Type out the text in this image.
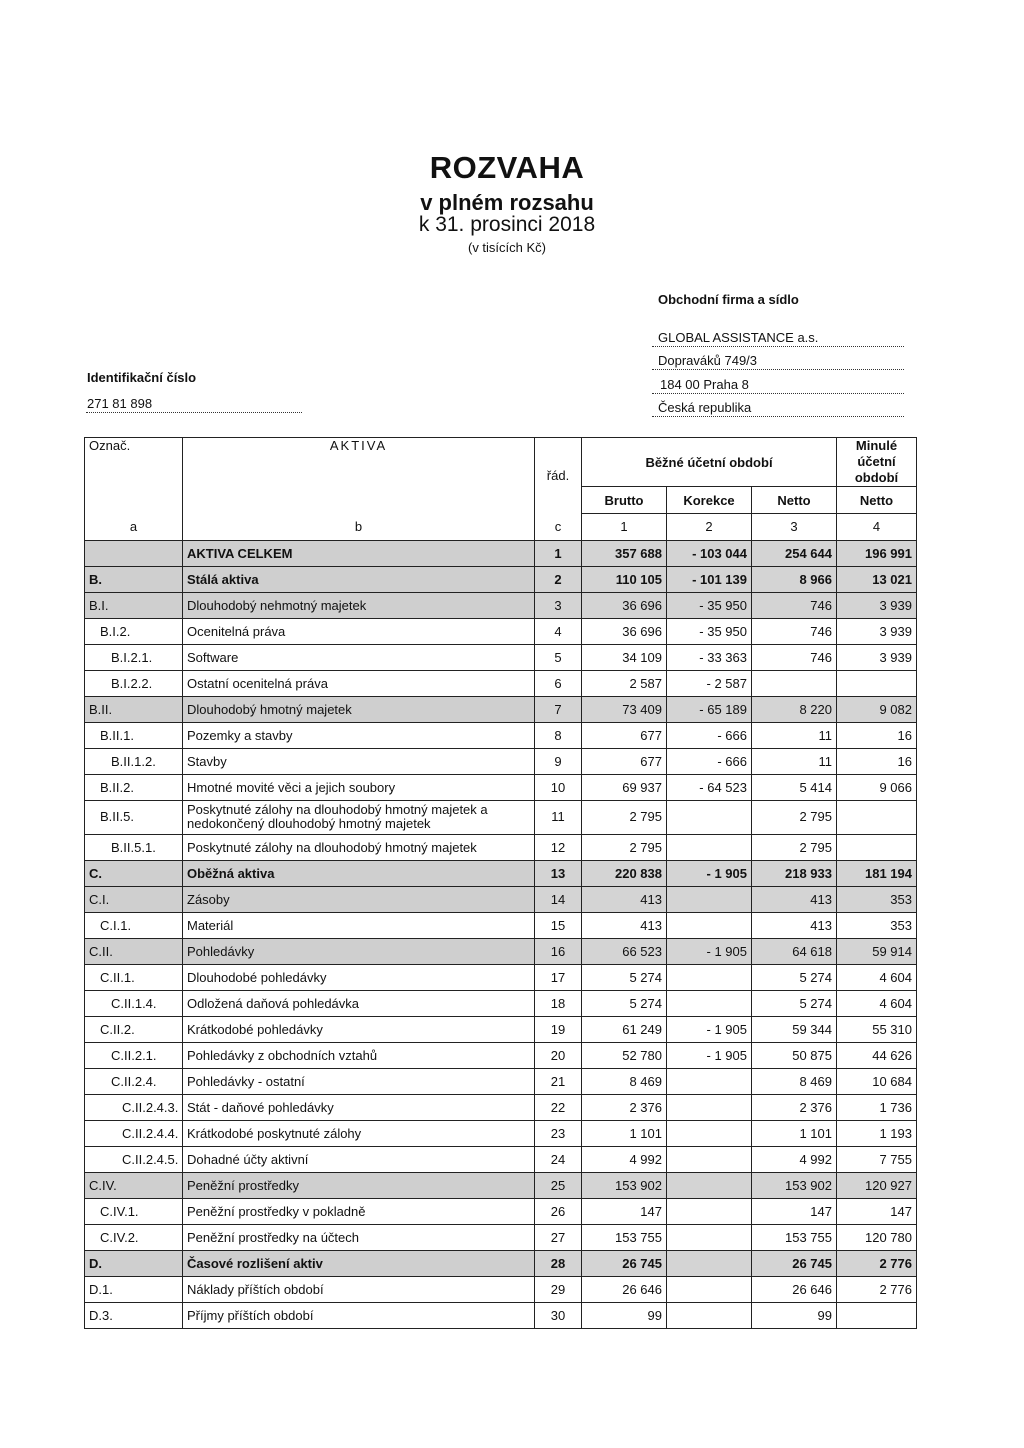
ROZVAHA
v plném rozsahu
k 31. prosinci 2018
(v tisících Kč)
Obchodní firma a sídlo
GLOBAL ASSISTANCE a.s.
Dopraváků 749/3
184 00 Praha 8
Česká republika
Identifikační číslo
271 81 898
Označ.	AKTIVA	řád.	Běžné účetní období			Minulé účetní období
			Brutto	Korekce	Netto	Netto
a	b	c	1	2	3	4
	AKTIVA CELKEM	1	357 688	- 103 044	254 644	196 991
B.	Stálá aktiva	2	110 105	- 101 139	8 966	13 021
B.I.	Dlouhodobý nehmotný majetek	3	36 696	- 35 950	746	3 939
B.I.2.	Ocenitelná práva	4	36 696	- 35 950	746	3 939
B.I.2.1.	Software	5	34 109	- 33 363	746	3 939
B.I.2.2.	Ostatní ocenitelná práva	6	2 587	- 2 587		
B.II.	Dlouhodobý hmotný majetek	7	73 409	- 65 189	8 220	9 082
B.II.1.	Pozemky a stavby	8	677	- 666	11	16
B.II.1.2.	Stavby	9	677	- 666	11	16
B.II.2.	Hmotné movité věci a jejich soubory	10	69 937	- 64 523	5 414	9 066
B.II.5.	Poskytnuté zálohy na dlouhodobý hmotný majetek a nedokončený dlouhodobý hmotný majetek	11	2 795		2 795	
B.II.5.1.	Poskytnuté zálohy na dlouhodobý hmotný majetek	12	2 795		2 795	
C.	Oběžná aktiva	13	220 838	- 1 905	218 933	181 194
C.I.	Zásoby	14	413		413	353
C.I.1.	Materiál	15	413		413	353
C.II.	Pohledávky	16	66 523	- 1 905	64 618	59 914
C.II.1.	Dlouhodobé pohledávky	17	5 274		5 274	4 604
C.II.1.4.	Odložená daňová pohledávka	18	5 274		5 274	4 604
C.II.2.	Krátkodobé pohledávky	19	61 249	- 1 905	59 344	55 310
C.II.2.1.	Pohledávky z obchodních vztahů	20	52 780	- 1 905	50 875	44 626
C.II.2.4.	Pohledávky - ostatní	21	8 469		8 469	10 684
C.II.2.4.3.	Stát - daňové pohledávky	22	2 376		2 376	1 736
C.II.2.4.4.	Krátkodobé poskytnuté zálohy	23	1 101		1 101	1 193
C.II.2.4.5.	Dohadné účty aktivní	24	4 992		4 992	7 755
C.IV.	Peněžní prostředky	25	153 902		153 902	120 927
C.IV.1.	Peněžní prostředky v pokladně	26	147		147	147
C.IV.2.	Peněžní prostředky na účtech	27	153 755		153 755	120 780
D.	Časové rozlišení aktiv	28	26 745		26 745	2 776
D.1.	Náklady příštích období	29	26 646		26 646	2 776
D.3.	Příjmy příštích období	30	99		99	
